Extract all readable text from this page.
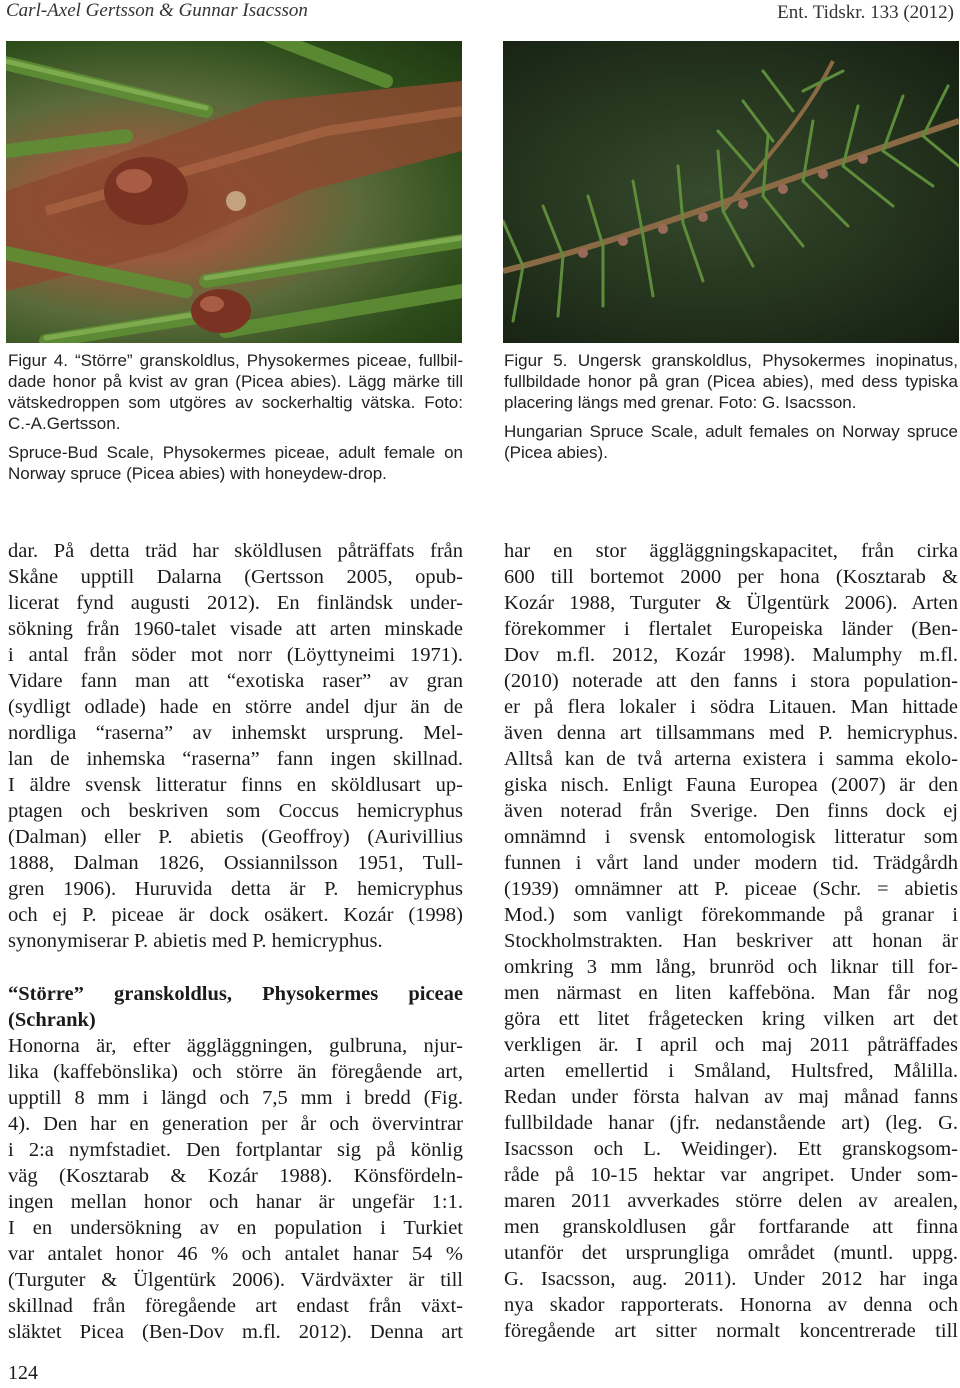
Carl-Axel Gertsson & Gunnar Isacsson	Ent. Tidskr. 133 (2012)

Figur 4. “Större” granskoldlus, Physokermes piceae, fullbil-
dade honor på kvist av gran (Picea abies). Lägg märke till
vätskedroppen som utgöres av sockerhaltig vätska. Foto:
C.-A.Gertsson.

Spruce-Bud Scale, Physokermes piceae, adult female on
Norway spruce (Picea abies) with honeydew-drop.

Figur 5. Ungersk granskoldlus, Physokermes inopinatus,
fullbildade honor på gran (Picea abies), med dess typiska
placering längs med grenar. Foto: G. Isacsson.

Hungarian Spruce Scale, adult females on Norway spruce
(Picea abies).

dar. På detta träd har sköldlusen påträffats från
Skåne upptill Dalarna (Gertsson 2005, opub-
licerat fynd augusti 2012). En finländsk under-
sökning från 1960-talet visade att arten minskade
i antal från söder mot norr (Löyttyneimi 1971).
Vidare fann man att “exotiska raser” av gran
(sydligt odlade) hade en större andel djur än de
nordliga “raserna” av inhemskt ursprung. Mel-
lan de inhemska “raserna” fann ingen skillnad.
I äldre svensk litteratur finns en sköldlusart up-
ptagen och beskriven som Coccus hemicryphus
(Dalman) eller P. abietis (Geoffroy) (Aurivillius
1888, Dalman 1826, Ossiannilsson 1951, Tull-
gren 1906). Huruvida detta är P. hemicryphus
och ej P. piceae är dock osäkert. Kozár (1998)
synonymiserar P. abietis med P. hemicryphus.
“Större” granskoldlus, Physokermes piceae
(Schrank)
Honorna är, efter äggläggningen, gulbruna, njur-
lika (kaffebönslika) och större än föregående art,
upptill 8 mm i längd och 7,5 mm i bredd (Fig.
4). Den har en generation per år och övervintrar
i 2:a nymfstadiet. Den fortplantar sig på könlig
väg (Kosztarab & Kozár 1988). Könsfördeln-
ingen mellan honor och hanar är ungefär 1:1.
I en undersökning av en population i Turkiet
var antalet honor 46 % och antalet hanar 54 %
(Turguter & Ülgentürk 2006). Värdväxter är till
skillnad från föregående art endast från växt-
släktet Picea (Ben-Dov m.fl. 2012). Denna art
har en stor äggläggningskapacitet, från cirka
600 till bortemot 2000 per hona (Kosztarab &
Kozár 1988, Turguter & Ülgentürk 2006). Arten
förekommer i flertalet Europeiska länder (Ben-
Dov m.fl. 2012, Kozár 1998). Malumphy m.fl.
(2010) noterade att den fanns i stora population-
er på flera lokaler i södra Litauen. Man hittade
även denna art tillsammans med P. hemicryphus.
Alltså kan de två arterna existera i samma ekolo-
giska nisch. Enligt Fauna Europea (2007) är den
även noterad från Sverige. Den finns dock ej
omnämnd i svensk entomologisk litteratur som
funnen i vårt land under modern tid. Trädgårdh
(1939) omnämner att P. piceae (Schr. = abietis
Mod.) som vanligt förekommande på granar i
Stockholmstrakten. Han beskriver att honan är
omkring 3 mm lång, brunröd och liknar till for-
men närmast en liten kaffeböna. Man får nog
göra ett litet frågetecken kring vilken art det
verkligen är. I april och maj 2011 påträffades
arten emellertid i Småland, Hultsfred, Målilla.
Redan under första halvan av maj månad fanns
fullbildade hanar (jfr. nedanstående art) (leg. G.
Isacsson och L. Weidinger). Ett granskogsom-
råde på 10-15 hektar var angripet. Under som-
maren 2011 avverkades större delen av arealen,
men granskoldlusen går fortfarande att finna
utanför det ursprungliga området (muntl. uppg.
G. Isacsson, aug. 2011). Under 2012 har inga
nya skador rapporterats. Honorna av denna och
föregående art sitter normalt koncentrerade till
124
